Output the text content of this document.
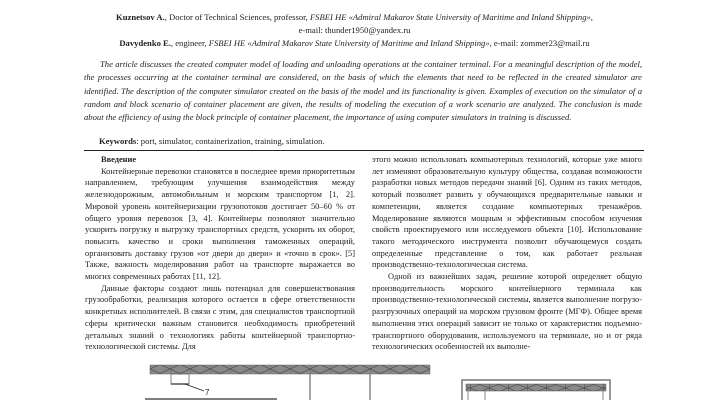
Kuznetsov A., Doctor of Technical Sciences, professor, FSBEI HE «Admiral Makarov State University of Maritime and Inland Shipping»,
e-mail: thunder1950@yandex.ru
Davydenko E., engineer, FSBEI HE «Admiral Makarov State University of Maritime and Inland Shipping», e-mail: zommer23@mail.ru
The article discusses the created computer model of loading and unloading operations at the container terminal. For a meaningful description of the model, the processes occurring at the container terminal are considered, on the basis of which the elements that need to be reflected in the created simulator are identified. The description of the computer simulator created on the basis of the model and its functionality is given. Examples of execution on the simulator of a random and block scenario of container placement are given, the results of modeling the execution of a work scenario are analyzed. The conclusion is made about the efficiency of using the block principle of container placement, the importance of using computer simulators in training is discussed.
Keywords: port, simulator, containerization, training, simulation.
Введение

Контейнерные перевозки становятся в последнее время приоритетным направлением, требующим улучшения взаимодействия между железнодорожным, автомобильным и морским транспортом [1, 2]. Мировой уровень контейнеризации грузопотоков достигает 50–60 % от общего уровня перевозок [3, 4]. Контейнеры позволяют значительно ускорить погрузку и выгрузку транспортных средств, ускорить их оборот, повысить качество и сроки выполнения таможенных операций, организовать доставку грузов «от двери до двери» и «точно в срок». [5] Также, важность моделирования работ на транспорте выражается во многих современных работах [11, 12].

Данные факторы создают лишь потенциал для совершенствования грузообработки, реализация которого остается в сфере ответственности конкретных исполнителей. В связи с этим, для специалистов транспортной сферы критически важным становится необходимость приобретений детальных знаний о технологиях работы контейнерной транспортно-технологической системы. Для

этого можно использовать компьютерных технологий, которые уже много лет изменяют образовательную культуру общества, создавая возможности разработки новых методов передачи знаний [6]. Одним из таких методов, который позволяет развить у обучающихся предварительные навыки и компетенции, является создание компьютерных тренажёров. Моделирование являются мощным и эффективным способом изучения свойств проектируемого или исследуемого объекта [10]. Использование такого методического инструмента позволит обучающемуся создать определенные представление о том, как работает реальная производственно-технологическая система.

Одной из важнейших задач, решение которой определяет общую производительность морского контейнерного терминала как производственно-технологической системы, является выполнение погрузо-разгрузочных операций на морском грузовом фронте (МГФ). Общее время выполнения этих операций зависит не только от характеристик подъемно-транспортного оборудования, используемого на терминале, но и от ряда технологических особенностей их выполне-

7
